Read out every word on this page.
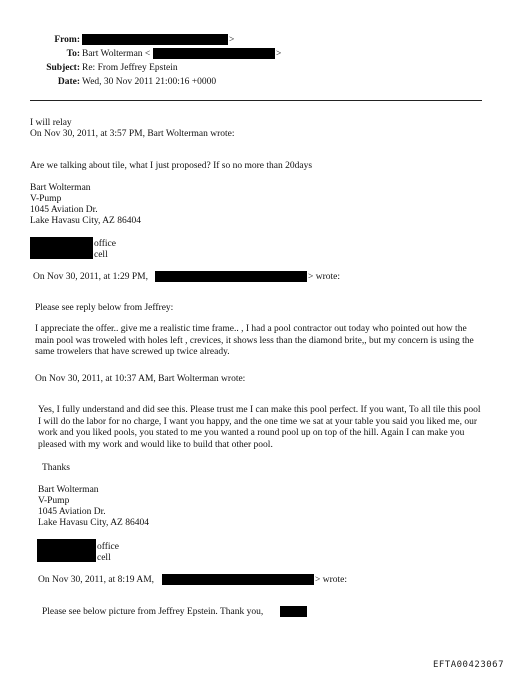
From:	>
To: Bart Wolterman <	>
Subject: Re: From Jeffrey Epstein
Date: Wed, 30 Nov 2011 21:00:16 +0000
I will relay
On Nov 30, 2011, at 3:57 PM, Bart Wolterman wrote:
Are we talking about tile, what I just proposed? If so no more than 20days
Bart Wolterman
V-Pump
1045 Aviation Dr.
Lake Havasu City, AZ 86404
office
cell
On Nov 30, 2011, at 1:29 PM,	> wrote:
Please see reply below from Jeffrey:
I appreciate the offer.. give me a realistic time frame.. , I had a pool contractor out today who pointed out how the main pool was troweled with holes left , crevices, it shows less than the diamond brite,, but my concern is using the same trowelers that have screwed up twice already.
On Nov 30, 2011, at 10:37 AM, Bart Wolterman wrote:
Yes, I fully understand and did see this. Please trust me I can make this pool perfect. If you want, To all tile this pool I will do the labor for no charge, I want you happy, and the one time we sat at your table you said you liked me, our work and you liked pools, you stated to me you wanted a round pool up on top of the hill. Again I can make you pleased with my work and would like to build that other pool.
Thanks
Bart Wolterman
V-Pump
1045 Aviation Dr.
Lake Havasu City, AZ 86404
office
cell
On Nov 30, 2011, at 8:19 AM,	> wrote:
Please see below picture from Jeffrey Epstein. Thank you,
EFTA00423067
